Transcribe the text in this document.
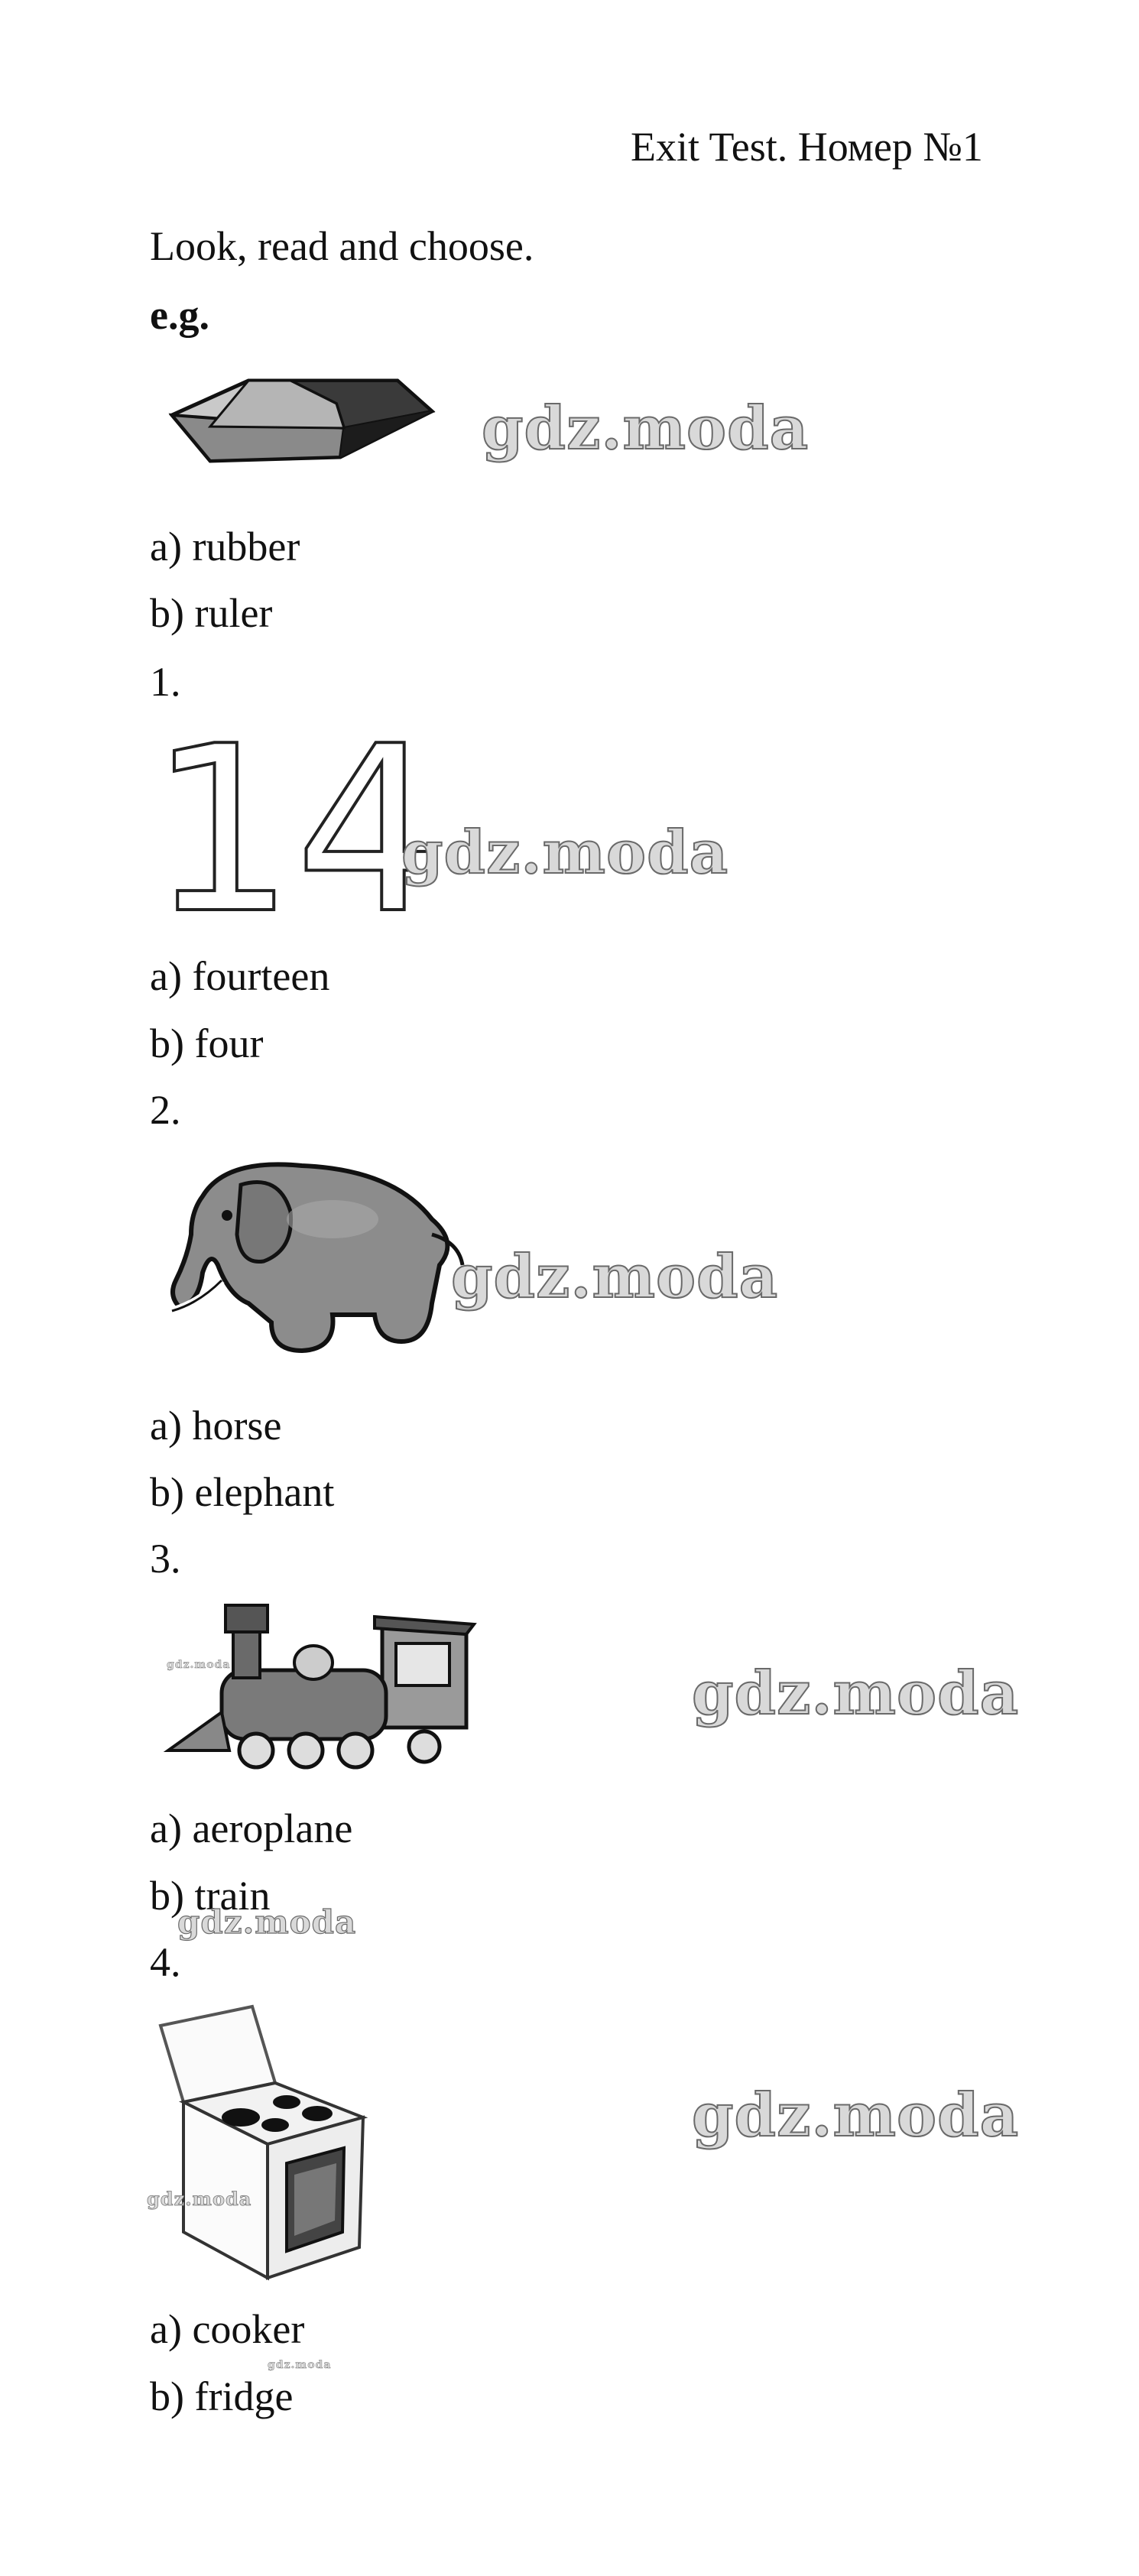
Exit Test. Номер №1
Look, read and choose.
e.g.
gdz.moda
a) rubber
b) ruler
1.
14
gdz.moda
a) fourteen
b) four
2.
gdz.moda
a) horse
b) elephant
3.
gdz.moda	gdz.moda
a) aeroplane
b) train
gdz.moda
4.
gdz.moda
gdz.moda
a) cooker
gdz.moda
b) fridge
